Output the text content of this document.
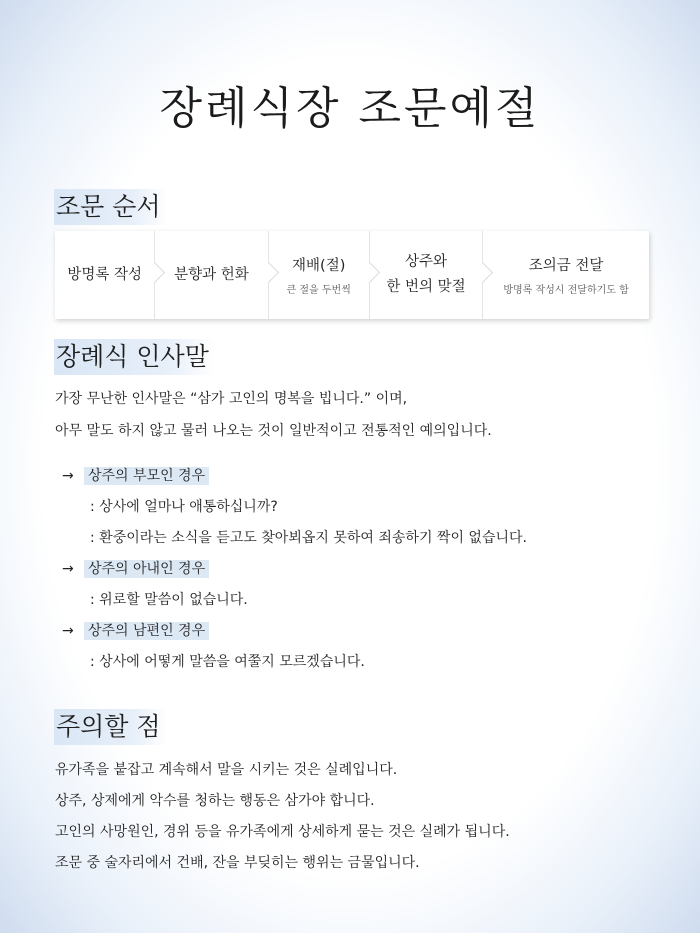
장례식장 조문예절
조문 순서
방명록 작성 분향과 헌화
재배(절)
큰 절을 두번씩
상주와
한 번의 맞절
조의금 전달
방명록 작성시 전달하기도 함
장례식 인사말
가장 무난한 인사말은 “삼가 고인의 명복을 빕니다.” 이며,
아무 말도 하지 않고 물러 나오는 것이 일반적이고 전통적인 예의입니다.
→ 상주의 부모인 경우
: 상사에 얼마나 애통하십니까?
: 환중이라는 소식을 듣고도 찾아뵈옵지 못하여 죄송하기 짝이 없습니다.
→ 상주의 아내인 경우
: 위로할 말씀이 없습니다.
→ 상주의 남편인 경우
: 상사에 어떻게 말씀을 여쭐지 모르겠습니다.
주의할 점
유가족을 붙잡고 계속해서 말을 시키는 것은 실례입니다.
상주, 상제에게 악수를 청하는 행동은 삼가야 합니다.
고인의 사망원인, 경위 등을 유가족에게 상세하게 묻는 것은 실례가 됩니다.
조문 중 술자리에서 건배, 잔을 부딪히는 행위는 금물입니다.
